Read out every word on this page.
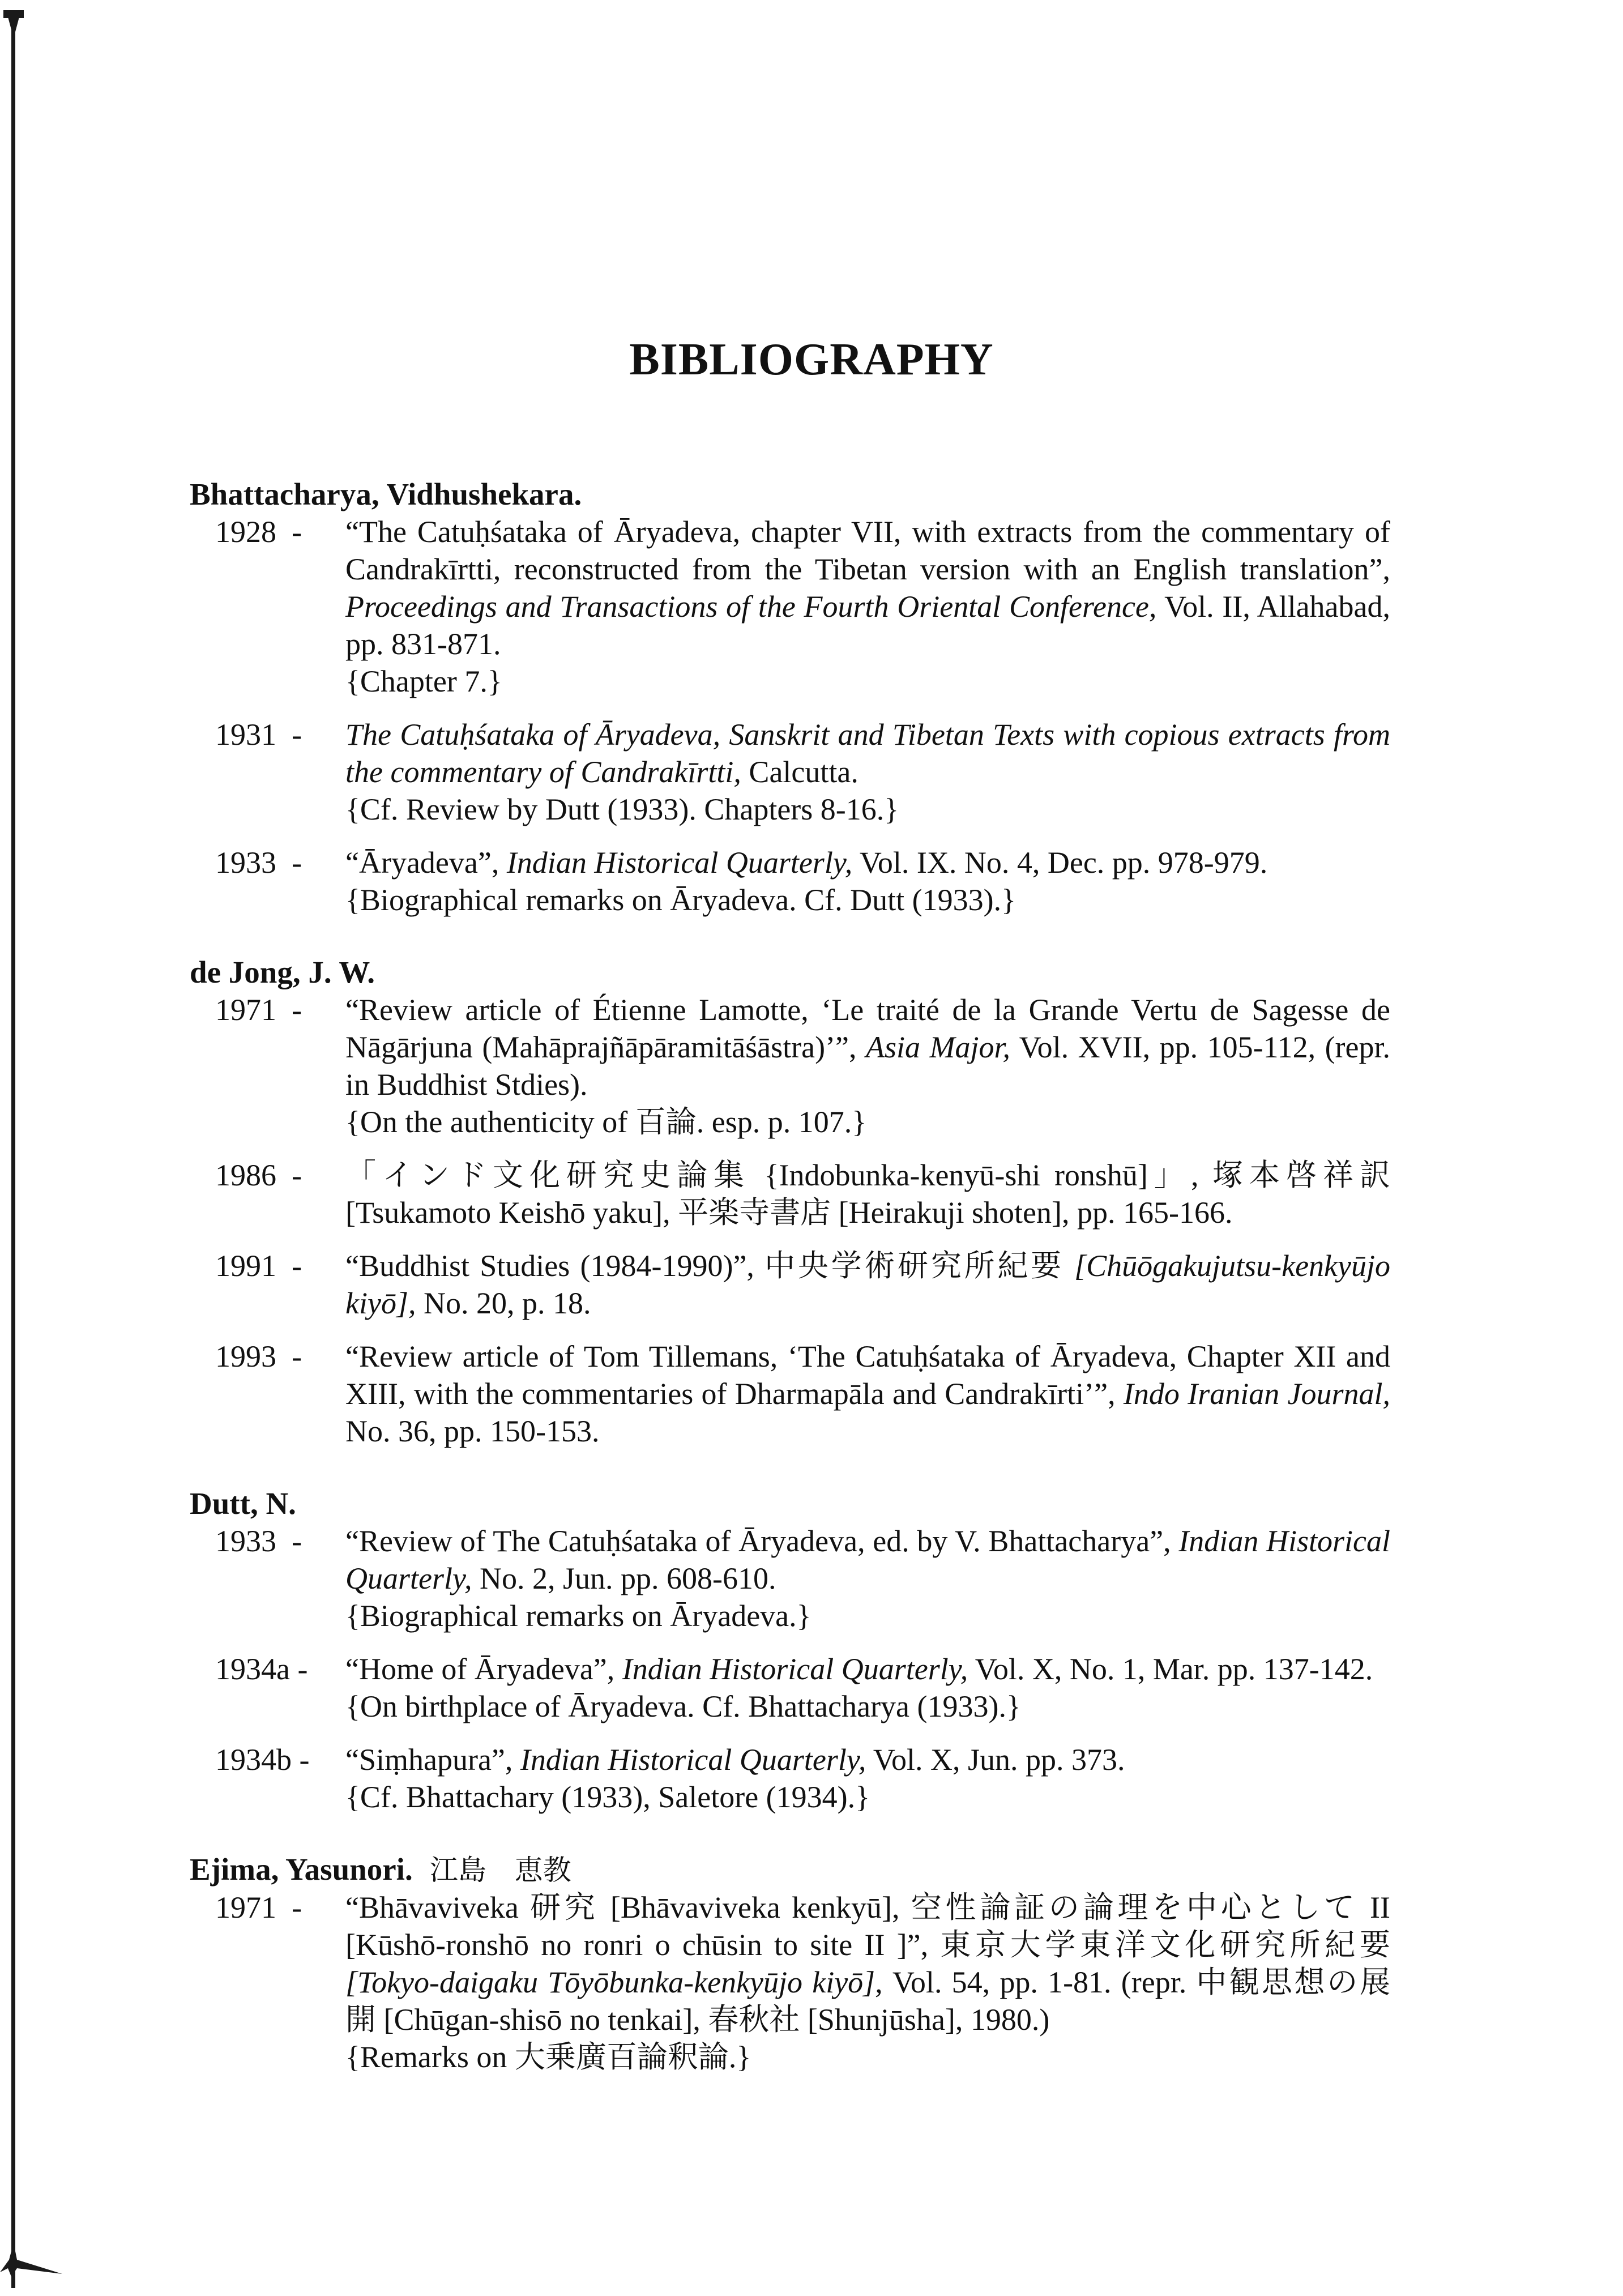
BIBLIOGRAPHY
Bhattacharya, Vidhushekara.
1928  -	“The Catuḥśataka of Āryadeva, chapter VII, with extracts from the commentary of Candrakīrtti, reconstructed from the Tibetan version with an English translation”, Proceedings and Transactions of the Fourth Oriental Conference, Vol. II, Allahabad, pp. 831-871.

{Chapter 7.}

1931  -	The Catuḥśataka of Āryadeva, Sanskrit and Tibetan Texts with copious extracts from the commentary of Candrakīrtti, Calcutta.

{Cf. Review by Dutt (1933). Chapters 8-16.}

1933  -	“Āryadeva”, Indian Historical Quarterly, Vol. IX. No. 4, Dec. pp. 978-979.

{Biographical remarks on Āryadeva. Cf. Dutt (1933).}

de Jong, J. W.
1971  -	“Review article of Étienne Lamotte, ‘Le traité de la Grande Vertu de Sagesse de Nāgārjuna (Mahāprajñāpāramitāśāstra)’”, Asia Major, Vol. XVII, pp. 105-112, (repr. in Buddhist Stdies).

{On the authenticity of 百論. esp. p. 107.}

1986  -	「インド文化研究史論集 {Indobunka-kenyū-shi ronshū]」, 塚本啓祥訳 [Tsukamoto Keishō yaku], 平楽寺書店 [Heirakuji shoten], pp. 165-166.

1991  -	“Buddhist Studies (1984-1990)”, 中央学術研究所紀要 [Chūōgakujutsu-kenkyūjo kiyō], No. 20, p. 18.

1993  -	“Review article of Tom Tillemans, ‘The Catuḥśataka of Āryadeva, Chapter XII and XIII, with the commentaries of Dharmapāla and Candrakīrti’”, Indo Iranian Journal, No. 36, pp. 150-153.

Dutt, N.
1933  -	“Review of The Catuḥśataka of Āryadeva, ed. by V. Bhattacharya”, Indian Historical Quarterly, No. 2, Jun. pp. 608-610.

{Biographical remarks on Āryadeva.}

1934a -	“Home of Āryadeva”, Indian Historical Quarterly, Vol. X, No. 1, Mar. pp. 137-142.

{On birthplace of Āryadeva. Cf. Bhattacharya (1933).}

1934b -	“Siṃhapura”, Indian Historical Quarterly, Vol. X, Jun. pp. 373.

{Cf. Bhattachary (1933), Saletore (1934).}

Ejima, Yasunori. 江島　恵教
1971  -	“Bhāvaviveka 研究 [Bhāvaviveka kenkyū], 空性論証の論理を中心として II [Kūshō-ronshō no ronri o chūsin to site II ]”, 東京大学東洋文化研究所紀要 [Tokyo-daigaku Tōyōbunka-kenkyūjo kiyō], Vol. 54, pp. 1-81. (repr. 中観思想の展開 [Chūgan-shisō no tenkai], 春秋社 [Shunjūsha], 1980.)

{Remarks on 大乗廣百論釈論.}
